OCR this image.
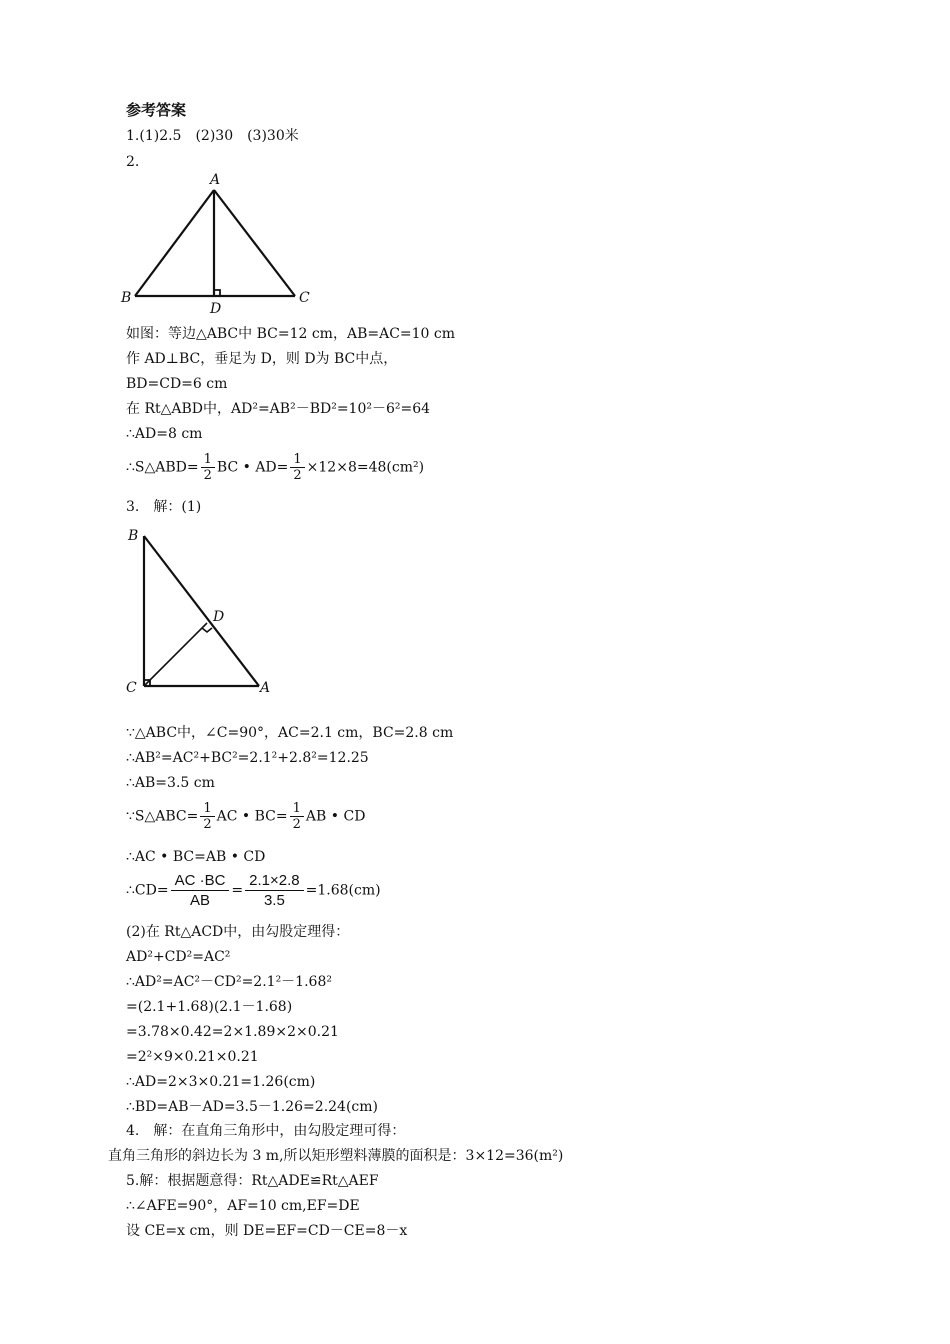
参考答案
1.(1)2.5　(2)30　(3)30米
2.
A
B	C
D
如图：等边△ABC中 BC=12 cm，AB=AC=10 cm
作 AD⊥BC，垂足为 D，则 D为 BC中点，
BD=CD=6 cm
在 Rt△ABD中，AD²=AB²－BD²=10²－6²=64
∴AD=8 cm
∴S△ABD= $\frac{1}{2}$ BC • $AD= \frac{1}{2} \times 12\times 8=48(cm^2)$
3.　解：(1)
B
C	A
D
∵△ABC中，∠C=90°，AC=2.1 cm，BC=2.8 cm
∴AB²=AC²+BC²=2.1²+2.8²=12.25
∴AB=3.5 cm
∵S△ABC= $\frac{1}{2}$ AC • $BC= \frac{1}{2}$ AB • CD
∴AC • BC=AB • CD
∴CD= $\frac{AC \cdot BC}{AB} = \frac{2.1\times 2.8}{3.5} =1.68(cm)$
(2)在 Rt△ACD中，由勾股定理得：
AD²+CD²=AC²
∴AD²=AC²－CD²=2.1²－1.68²
=(2.1+1.68)(2.1－1.68)
=3.78×0.42=2×1.89×2×0.21
=2²×9×0.21×0.21
∴AD=2×3×0.21=1.26(cm)
∴BD=AB－AD=3.5－1.26=2.24(cm)
4.　解：在直角三角形中，由勾股定理可得：
直角三角形的斜边长为 3 m,所以矩形塑料薄膜的面积是：3×12=36(m²)
5.解：根据题意得：Rt△ADE≌Rt△AEF
∴∠AFE=90°，AF=10 cm,EF=DE
设 CE=x cm，则 DE=EF=CD－CE=8－x
